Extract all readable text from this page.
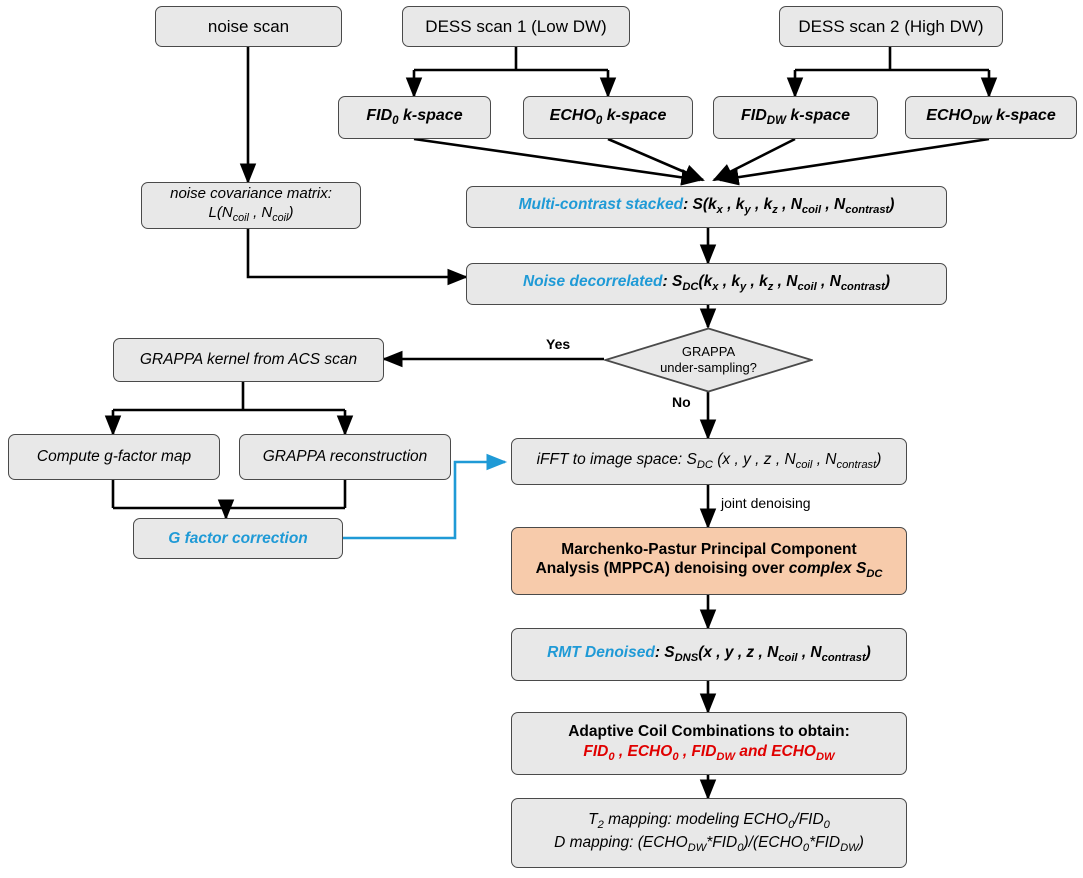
noise scan	DESS scan 1 (Low DW)	DESS scan 2 (High DW)
$FID_0$ k-space	$ECHO_0$ k-space	$FID_{DW}$ k-space	$ECHO_{DW}$ k-space
noise covariance matrix:
$L(N_{coil}$ , $N_{coil}$)	Multi-contrast stacked: $S(k_x$ , $k_y$ , $k_z$ , $N_{coil}$ , $N_{contrast}$)
Noise decorrelated: $S_{DC}(k_x$ , $k_y$ , $k_z$ , $N_{coil}$ , $N_{contrast}$)
GRAPPA
under-sampling?
Yes
No
joint denoising
GRAPPA kernel from ACS scan
Compute g-factor map	GRAPPA reconstruction
G factor correction
iFFT to image space: $S_{DC}$ (x , y , z , $N_{coil}$ , $N_{contrast}$)
Marchenko-Pastur Principal Component
Analysis (MPPCA) denoising over complex $S_{DC}$
RMT Denoised: $S_{DNS}(x$ , y , z , $N_{coil}$ , $N_{contrast}$)
Adaptive Coil Combinations to obtain:
$FID_0$ , $ECHO_0$ , $FID_{DW}$ and $ECHO_{DW}$
$T_2$ mapping: modeling $ECHO_0/FID_0$
D mapping: $(ECHO_{DW}*FID_0)/(ECHO_0*FID_{DW})$
